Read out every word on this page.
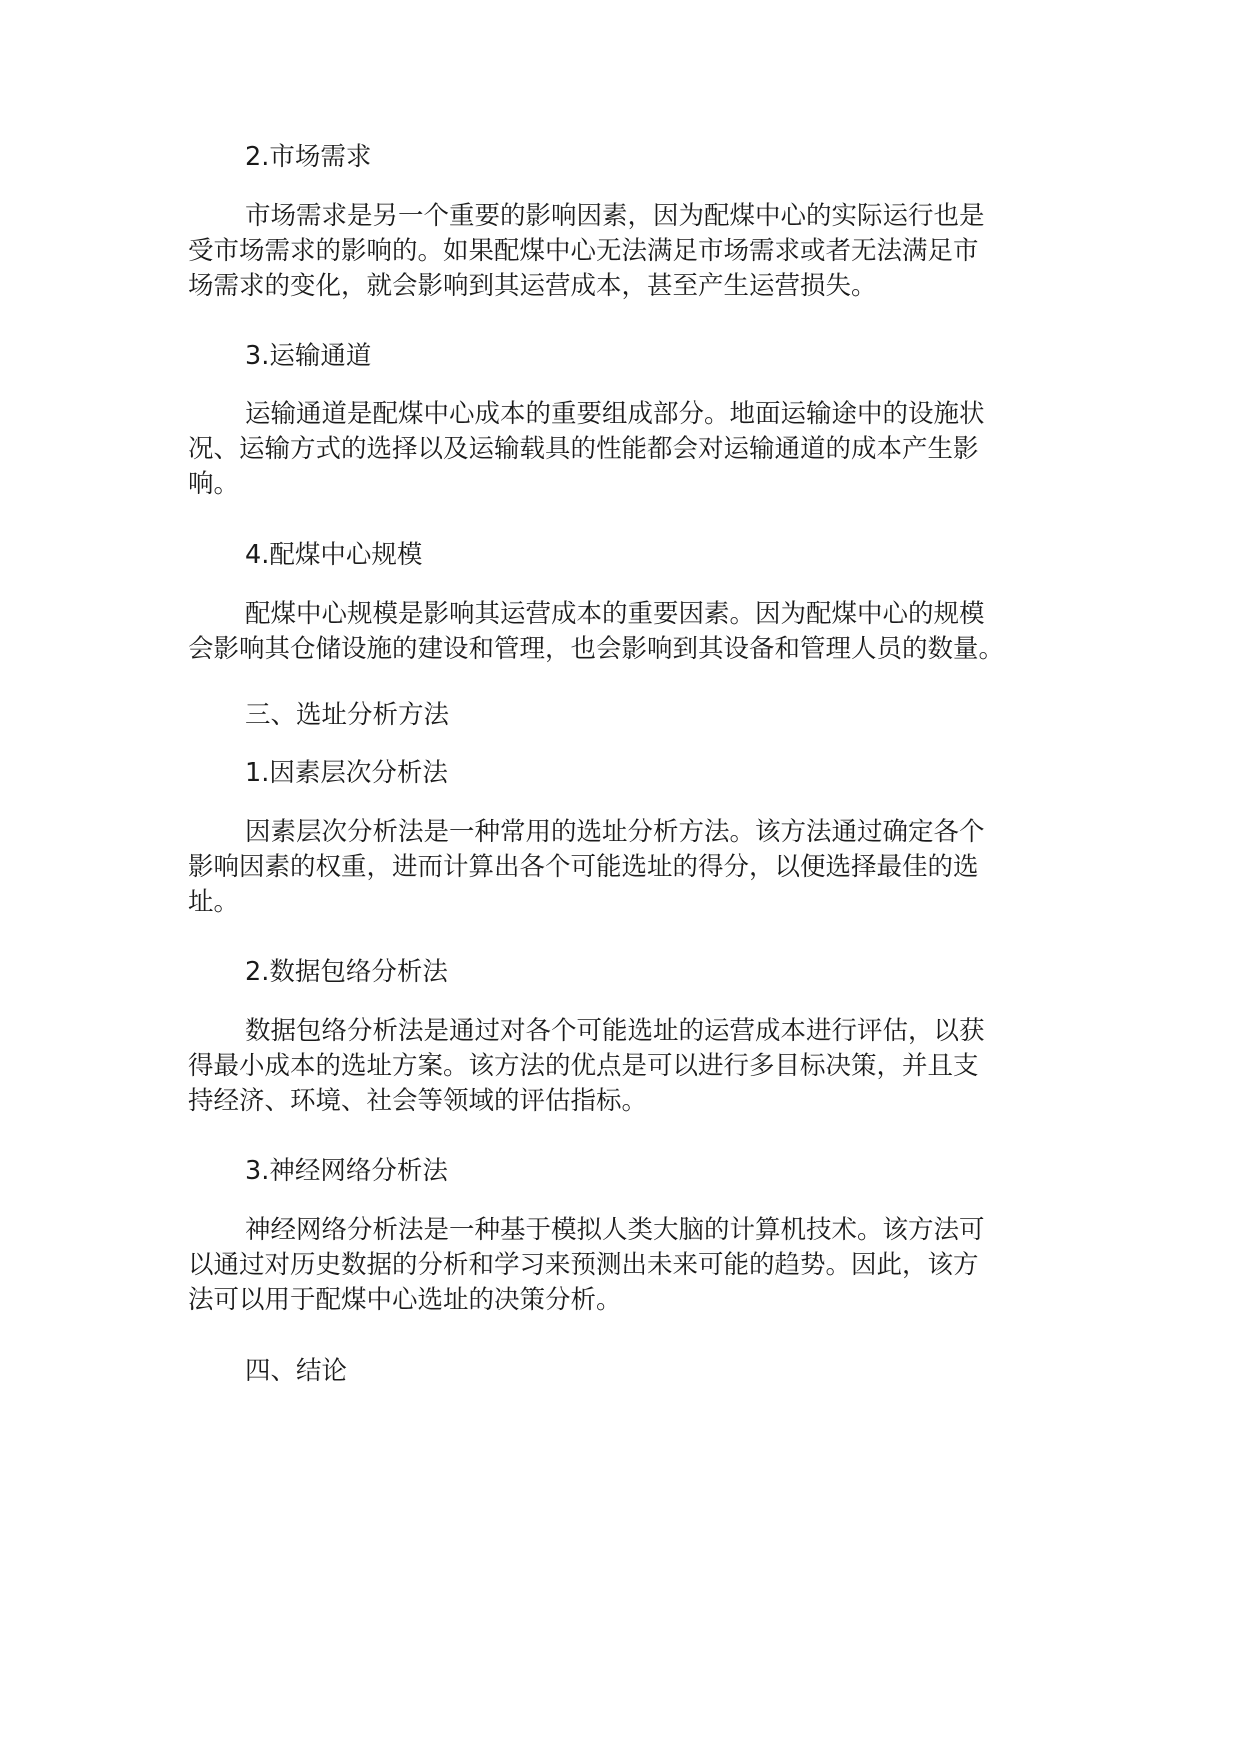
2.市场需求
市场需求是另一个重要的影响因素，因为配煤中心的实际运行也是
受市场需求的影响的。如果配煤中心无法满足市场需求或者无法满足市
场需求的变化，就会影响到其运营成本，甚至产生运营损失。
3.运输通道
运输通道是配煤中心成本的重要组成部分。地面运输途中的设施状
况、运输方式的选择以及运输载具的性能都会对运输通道的成本产生影
响。
4.配煤中心规模
配煤中心规模是影响其运营成本的重要因素。因为配煤中心的规模
会影响其仓储设施的建设和管理，也会影响到其设备和管理人员的数量。
三、选址分析方法
1.因素层次分析法
因素层次分析法是一种常用的选址分析方法。该方法通过确定各个
影响因素的权重，进而计算出各个可能选址的得分，以便选择最佳的选
址。
2.数据包络分析法
数据包络分析法是通过对各个可能选址的运营成本进行评估，以获
得最小成本的选址方案。该方法的优点是可以进行多目标决策，并且支
持经济、环境、社会等领域的评估指标。
3.神经网络分析法
神经网络分析法是一种基于模拟人类大脑的计算机技术。该方法可
以通过对历史数据的分析和学习来预测出未来可能的趋势。因此，该方
法可以用于配煤中心选址的决策分析。
四、结论
